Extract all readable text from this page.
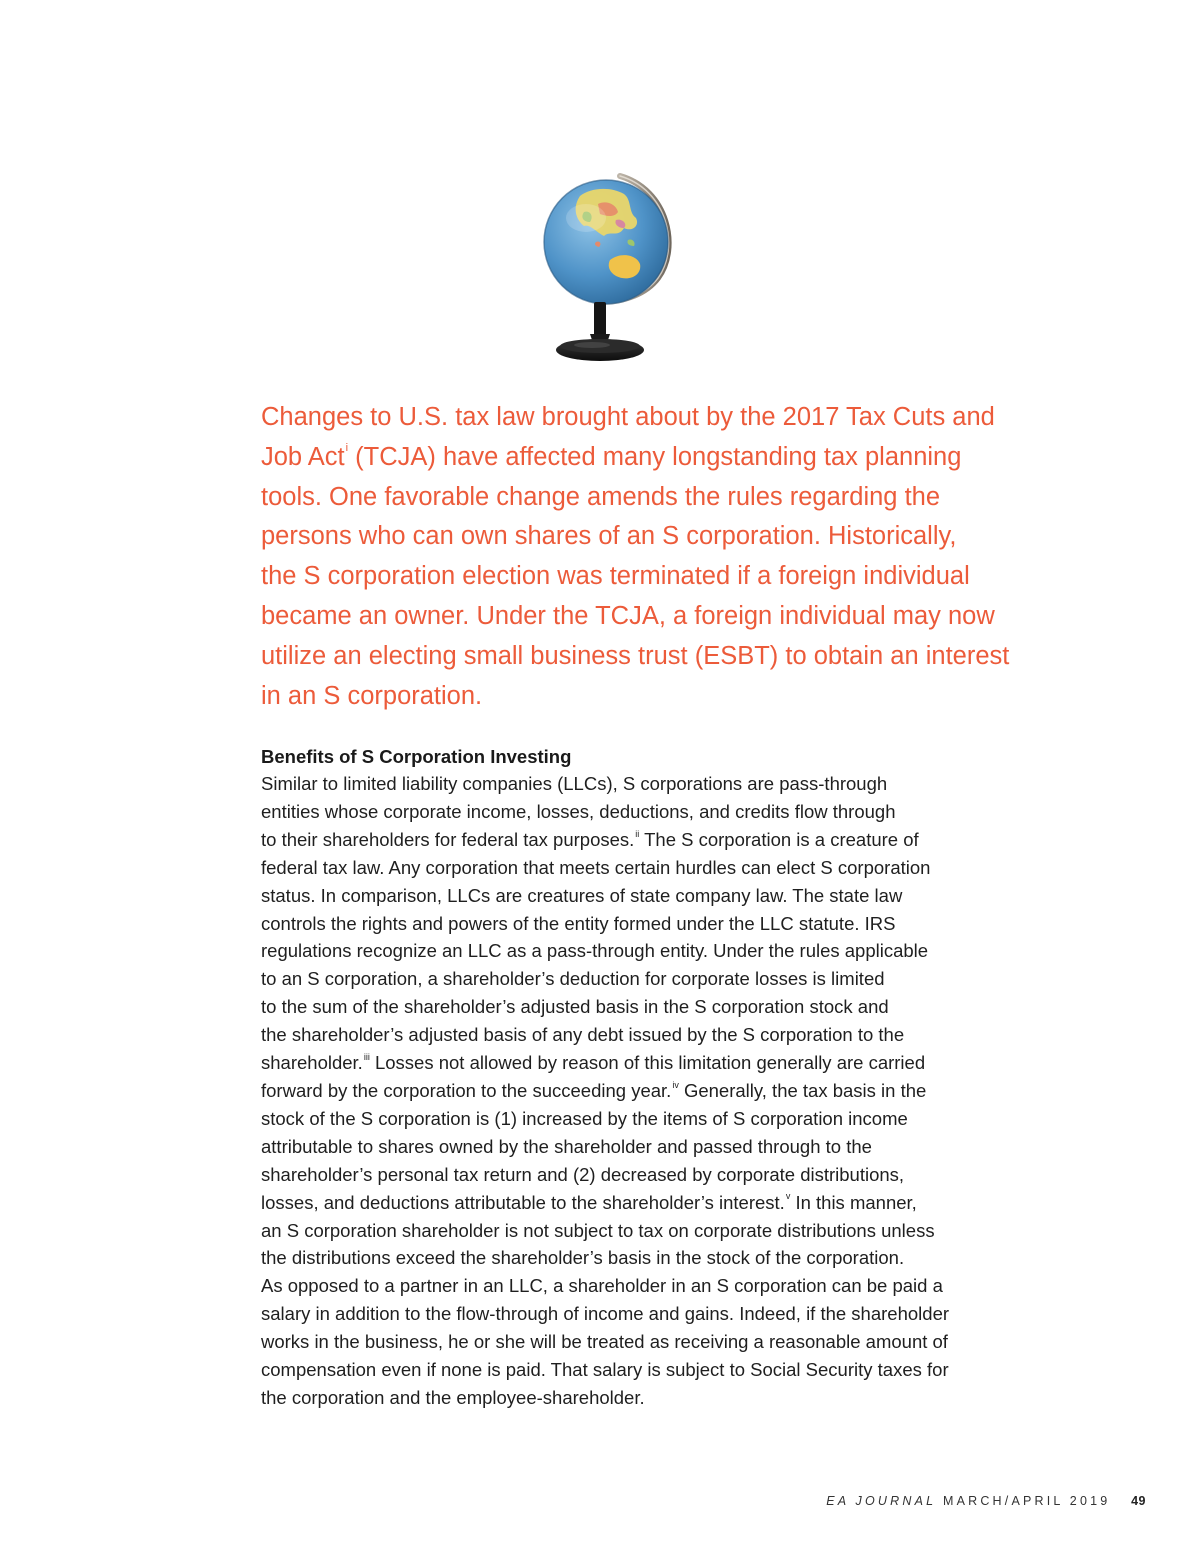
Changes to U.S. tax law brought about by the 2017 Tax Cuts and
Job Act$^i$ (TCJA) have affected many longstanding tax planning
tools. One favorable change amends the rules regarding the
persons who can own shares of an S corporation. Historically,
the S corporation election was terminated if a foreign individual
became an owner. Under the TCJA, a foreign individual may now
utilize an electing small business trust (ESBT) to obtain an interest
in an S corporation.

Benefits of S Corporation Investing

Similar to limited liability companies (LLCs), S corporations are pass-through
entities whose corporate income, losses, deductions, and credits flow through
to their shareholders for federal tax purposes.$^{ii}$ The S corporation is a creature of
federal tax law. Any corporation that meets certain hurdles can elect S corporation
status. In comparison, LLCs are creatures of state company law. The state law
controls the rights and powers of the entity formed under the LLC statute. IRS
regulations recognize an LLC as a pass-through entity. Under the rules applicable
to an S corporation, a shareholder’s deduction for corporate losses is limited
to the sum of the shareholder’s adjusted basis in the S corporation stock and
the shareholder’s adjusted basis of any debt issued by the S corporation to the
shareholder.$^{iii}$ Losses not allowed by reason of this limitation generally are carried
forward by the corporation to the succeeding year.$^{iv}$ Generally, the tax basis in the
stock of the S corporation is (1) increased by the items of S corporation income
attributable to shares owned by the shareholder and passed through to the
shareholder’s personal tax return and (2) decreased by corporate distributions,
losses, and deductions attributable to the shareholder’s interest.$^v$ In this manner,
an S corporation shareholder is not subject to tax on corporate distributions unless
the distributions exceed the shareholder’s basis in the stock of the corporation.
As opposed to a partner in an LLC, a shareholder in an S corporation can be paid a
salary in addition to the flow-through of income and gains. Indeed, if the shareholder
works in the business, he or she will be treated as receiving a reasonable amount of
compensation even if none is paid. That salary is subject to Social Security taxes for
the corporation and the employee-shareholder.

EA JOURNAL MARCH/APRIL 2019 49
